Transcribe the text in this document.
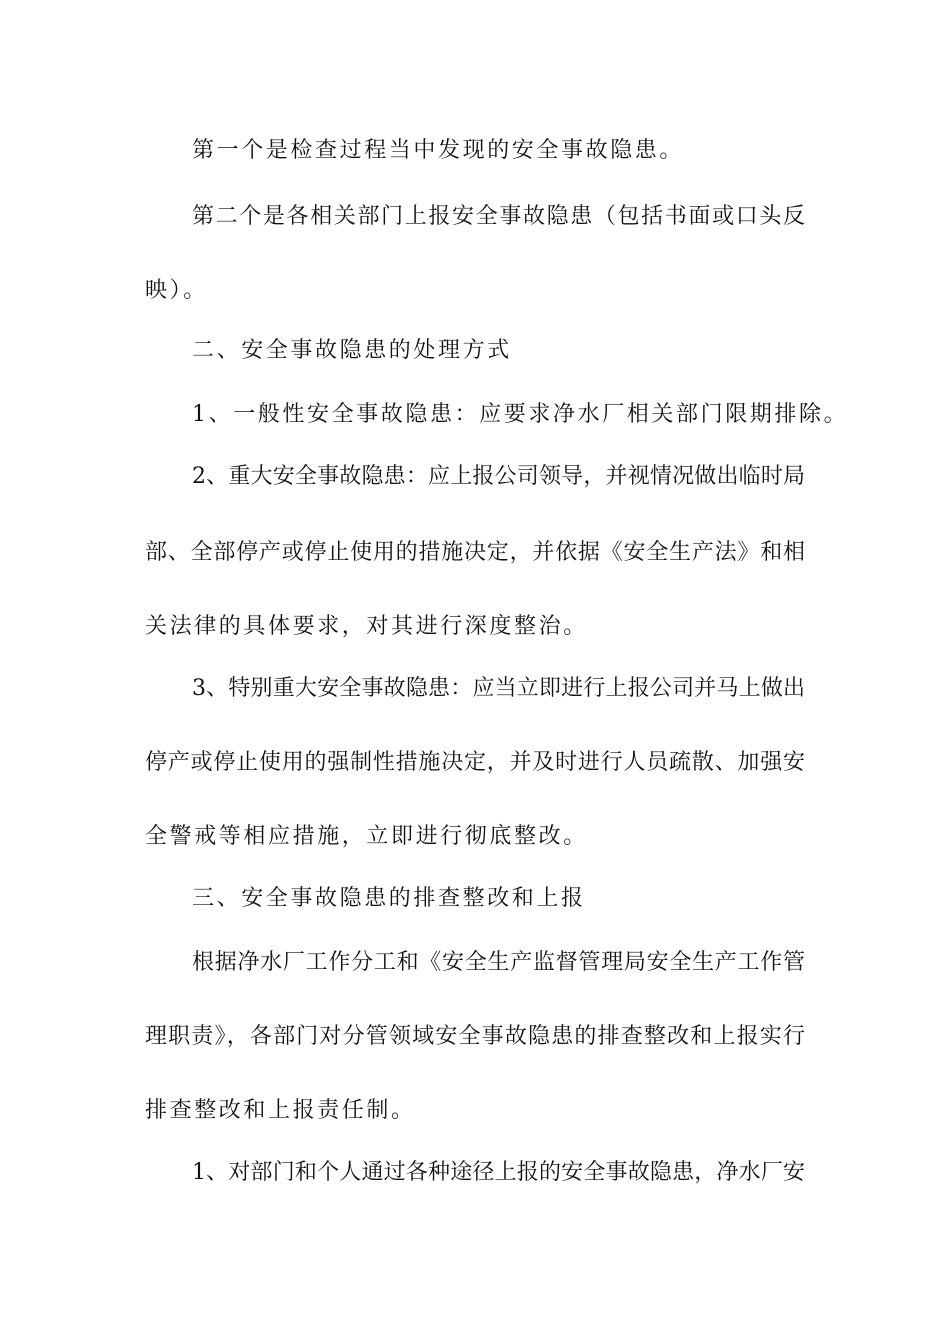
第一个是检查过程当中发现的安全事故隐患。
第二个是各相关部门上报安全事故隐患（包括书面或口头反
映）。
二、安全事故隐患的处理方式
1、一般性安全事故隐患：应要求净水厂相关部门限期排除。
2、重大安全事故隐患：应上报公司领导，并视情况做出临时局
部、全部停产或停止使用的措施决定，并依据《安全生产法》和相
关法律的具体要求，对其进行深度整治。
3、特别重大安全事故隐患：应当立即进行上报公司并马上做出
停产或停止使用的强制性措施决定，并及时进行人员疏散、加强安
全警戒等相应措施，立即进行彻底整改。
三、安全事故隐患的排查整改和上报
根据净水厂工作分工和《安全生产监督管理局安全生产工作管
理职责》，各部门对分管领域安全事故隐患的排查整改和上报实行
排查整改和上报责任制。
1、对部门和个人通过各种途径上报的安全事故隐患，净水厂安
